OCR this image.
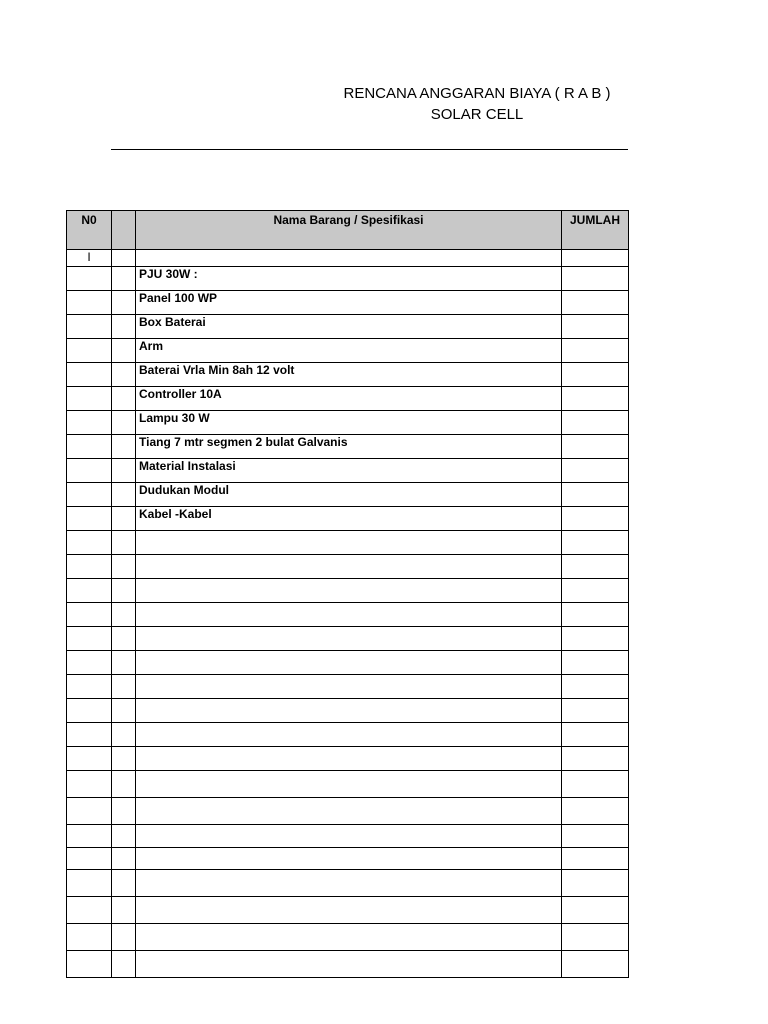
RENCANA ANGGARAN BIAYA ( R A B )
SOLAR CELL
N0		Nama Barang / Spesifikasi	JUMLAH
I			
		PJU 30W :	
		Panel 100 WP	
		Box Baterai	
		Arm	
		Baterai Vrla Min 8ah 12 volt	
		Controller 10A	
		Lampu 30 W	
		Tiang 7 mtr segmen 2 bulat Galvanis	
		Material Instalasi	
		Dudukan Modul	
		Kabel -Kabel	
